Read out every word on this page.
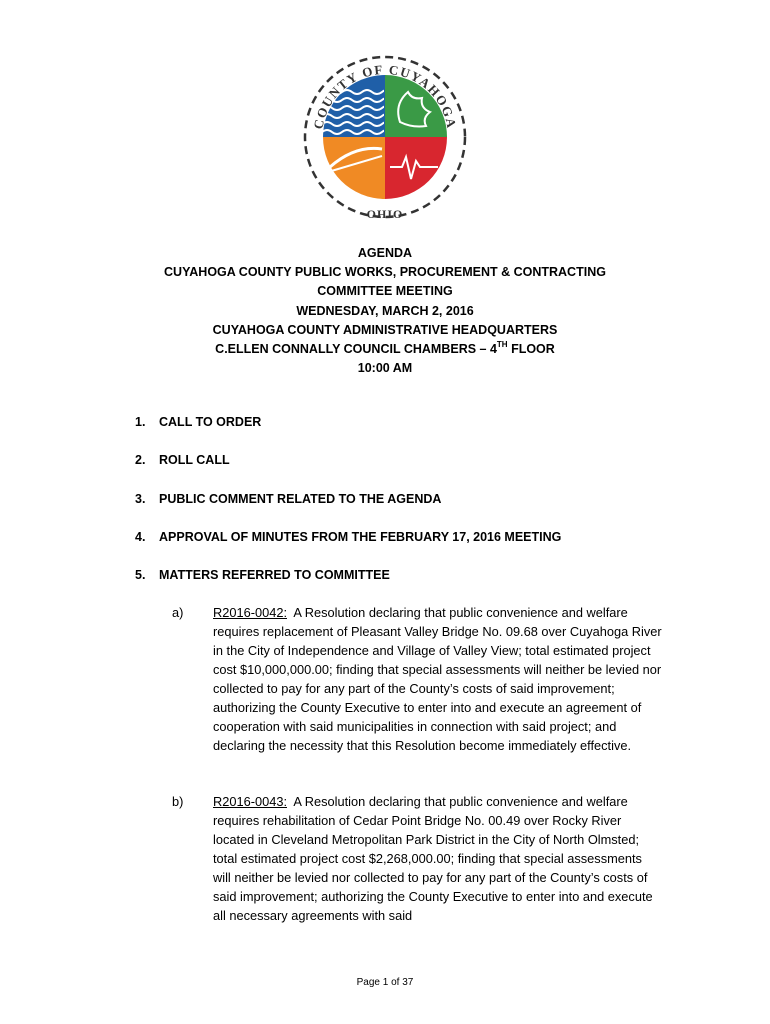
COUNTY OF CUYAHOGA
OHIO
AGENDA
CUYAHOGA COUNTY PUBLIC WORKS, PROCUREMENT & CONTRACTING
COMMITTEE MEETING
WEDNESDAY, MARCH 2, 2016
CUYAHOGA COUNTY ADMINISTRATIVE HEADQUARTERS
C.ELLEN CONNALLY COUNCIL CHAMBERS – 4TH FLOOR
10:00 AM
1. CALL TO ORDER
2. ROLL CALL
3. PUBLIC COMMENT RELATED TO THE AGENDA
4. APPROVAL OF MINUTES FROM THE FEBRUARY 17, 2016 MEETING
5. MATTERS REFERRED TO COMMITTEE
a) R2016-0042: A Resolution declaring that public convenience and welfare requires replacement of Pleasant Valley Bridge No. 09.68 over Cuyahoga River in the City of Independence and Village of Valley View; total estimated project cost $10,000,000.00; finding that special assessments will neither be levied nor collected to pay for any part of the County’s costs of said improvement; authorizing the County Executive to enter into and execute an agreement of cooperation with said municipalities in connection with said project; and declaring the necessity that this Resolution become immediately effective.
b) R2016-0043: A Resolution declaring that public convenience and welfare requires rehabilitation of Cedar Point Bridge No. 00.49 over Rocky River located in Cleveland Metropolitan Park District in the City of North Olmsted; total estimated project cost $2,268,000.00; finding that special assessments will neither be levied nor collected to pay for any part of the County’s costs of said improvement; authorizing the County Executive to enter into and execute all necessary agreements with said
Page 1 of 37
